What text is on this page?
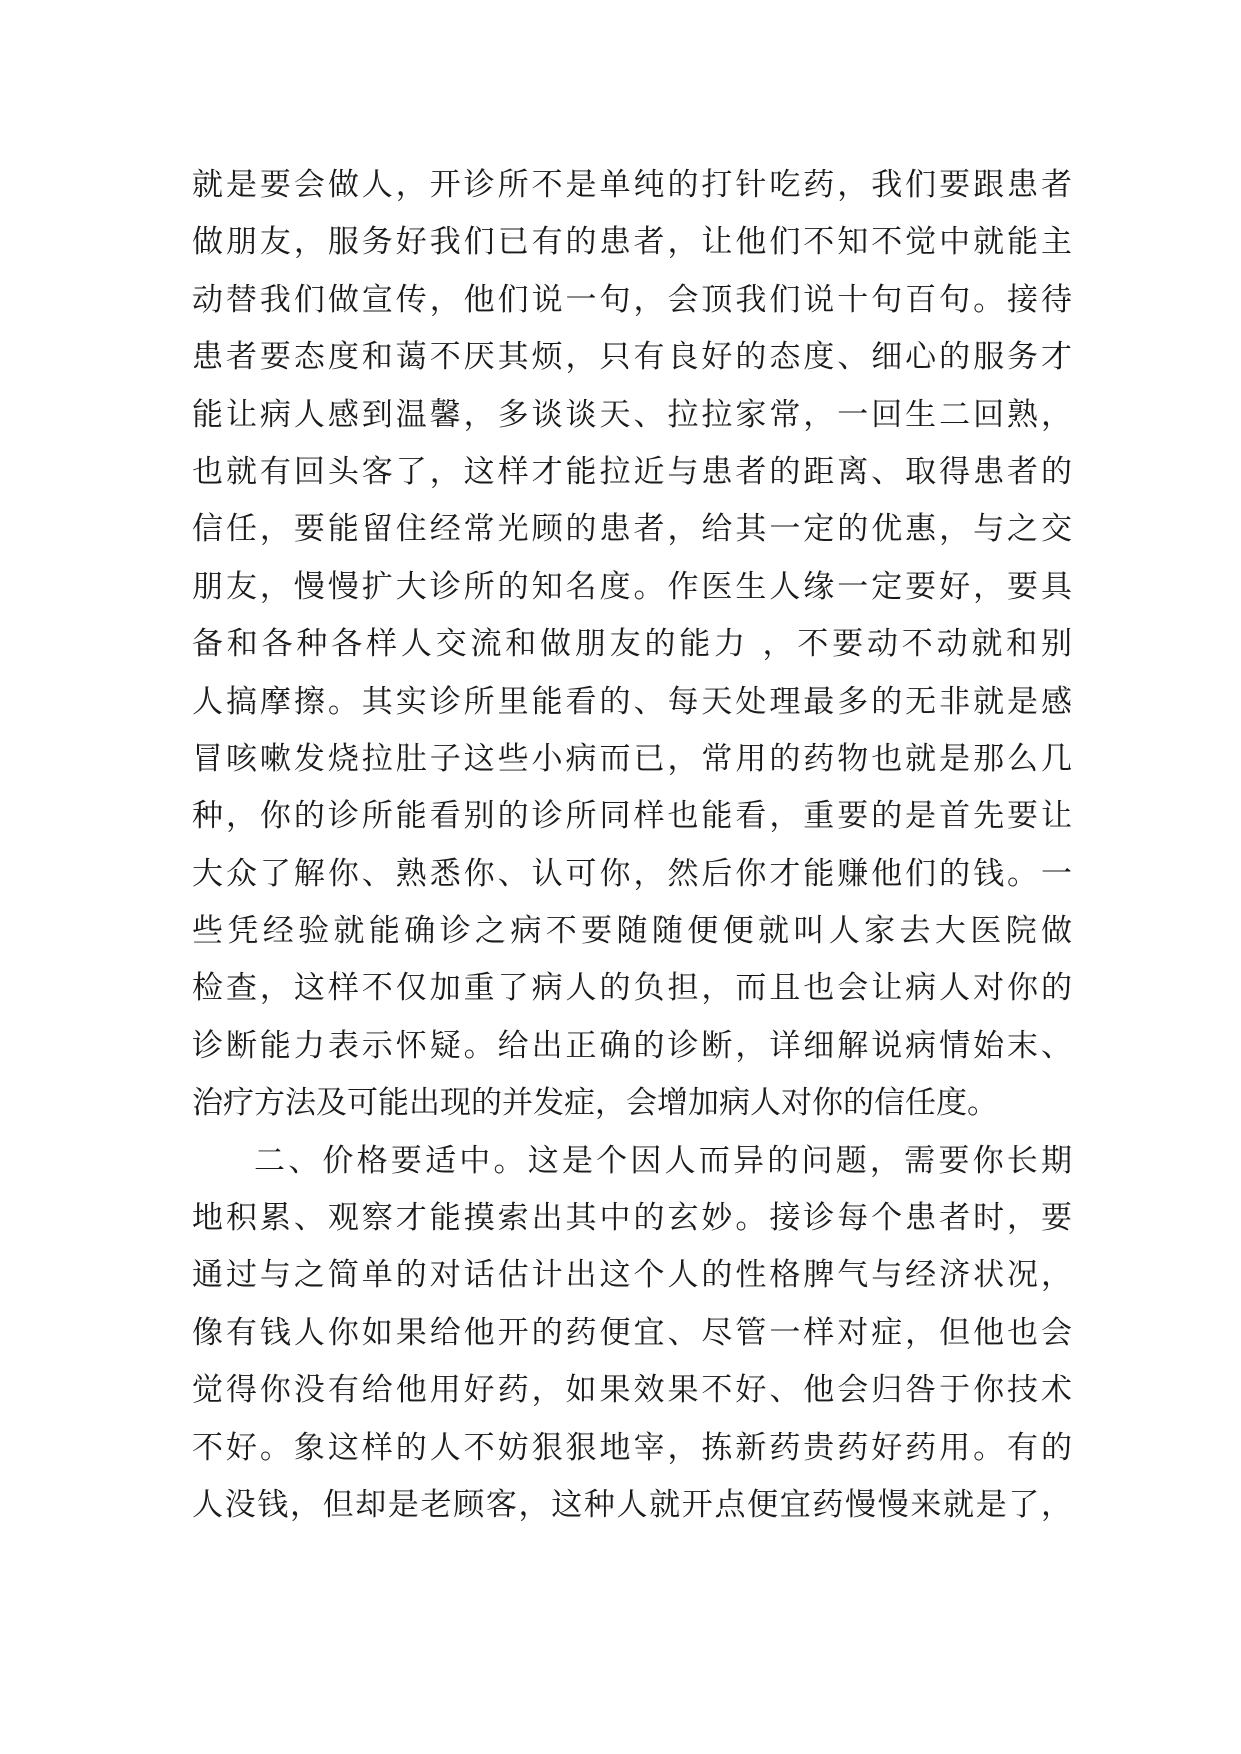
就是要会做人，开诊所不是单纯的打针吃药，我们要跟患者
做朋友，服务好我们已有的患者，让他们不知不觉中就能主
动替我们做宣传，他们说一句，会顶我们说十句百句。接待
患者要态度和蔼不厌其烦，只有良好的态度、细心的服务才
能让病人感到温馨，多谈谈天、拉拉家常，一回生二回熟，
也就有回头客了，这样才能拉近与患者的距离、取得患者的
信任，要能留住经常光顾的患者，给其一定的优惠，与之交
朋友，慢慢扩大诊所的知名度。作医生人缘一定要好，要具
备和各种各样人交流和做朋友的能力 ，不要动不动就和别
人搞摩擦。其实诊所里能看的、每天处理最多的无非就是感
冒咳嗽发烧拉肚子这些小病而已，常用的药物也就是那么几
种，你的诊所能看别的诊所同样也能看，重要的是首先要让
大众了解你、熟悉你、认可你，然后你才能赚他们的钱。一
些凭经验就能确诊之病不要随随便便就叫人家去大医院做
检查，这样不仅加重了病人的负担，而且也会让病人对你的
诊断能力表示怀疑。给出正确的诊断，详细解说病情始末、
治疗方法及可能出现的并发症，会增加病人对你的信任度。
二、价格要适中。这是个因人而异的问题，需要你长期
地积累、观察才能摸索出其中的玄妙。接诊每个患者时，要
通过与之简单的对话估计出这个人的性格脾气与经济状况，
像有钱人你如果给他开的药便宜、尽管一样对症，但他也会
觉得你没有给他用好药，如果效果不好、他会归咎于你技术
不好。象这样的人不妨狠狠地宰，拣新药贵药好药用。有的
人没钱，但却是老顾客，这种人就开点便宜药慢慢来就是了，
